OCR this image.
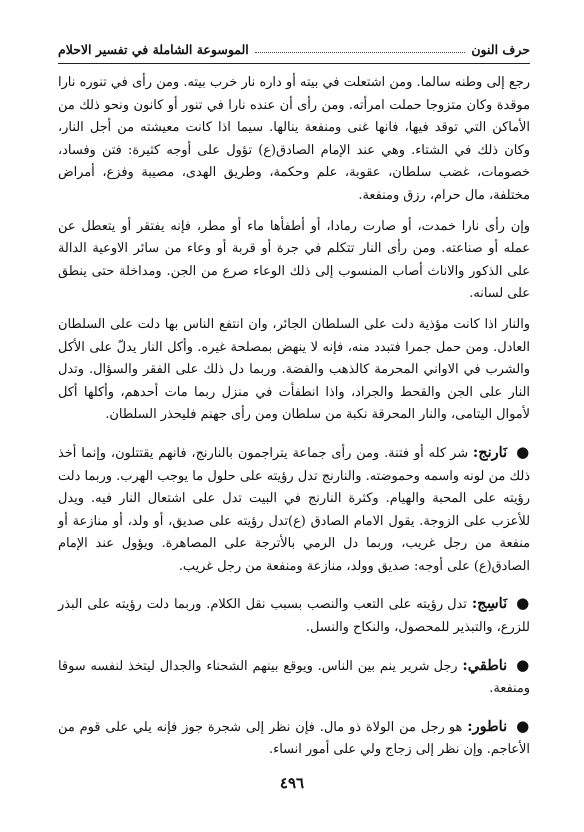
حرف النون
الموسوعة الشاملة في تفسير الاحلام

رجع إلى وطنه سالما. ومن اشتعلت في بيته أو داره نار خرب بيته. ومن رأى في تنوره نارا موقدة وكان متزوجا حملت امرأته. ومن رأى أن عنده نارا في تنور أو كانون ونحو ذلك من الأماكن التي توقد فيها، فانها غنى ومنفعة ينالها. سيما اذا كانت معيشته من أجل النار، وكان ذلك في الشتاء. وهي عند الإمام الصادق(ع) تؤول على أوجه كثيرة: فتن وفساد، خصومات، غضب سلطان، عقوبة، علم وحكمة، وطريق الهدى، مصيبة وفزع، أمراض مختلفة، مال حرام، رزق ومنفعة.

وإن رأى نارا خمدت، أو صارت رمادا، أو أطفأها ماء أو مطر، فإنه يفتقر أو يتعطل عن عمله أو صناعته. ومن رأى النار تتكلم في جرة أو قربة أو وعاء من سائر الاوعية الدالة على الذكور والاناث أصاب المنسوب إلى ذلك الوعاء صرع من الجن. ومداخلة حتى ينطق على لسانه.

والنار اذا كانت مؤذية دلت على السلطان الجائر، وان انتفع الناس بها دلت على السلطان العادل. ومن حمل جمرا فتبدد منه، فإنه لا ينهض بمصلحة غيره. وأكل النار يدلّ على الأكل والشرب في الاواني المحرمة كالذهب والفضة. وربما دل ذلك على الفقر والسؤال. وتدل النار على الجن والقحط والجراد، واذا انطفأت في منزل ربما مات أحدهم، وأكلها أكل لأموال اليتامى، والنار المحرقة نكبة من سلطان ومن رأى جهنم فليحذر السلطان.

● نَارنج: شر كله أو فتنة. ومن رأى جماعة يتراجمون بالنارنج، فانهم يقتتلون، وإنما أخذ ذلك من لونه واسمه وحموضته. والنارنج تدل رؤيته على حلول ما يوجب الهرب. وربما دلت رؤيته على المحبة والهيام. وكثرة النارنج في البيت تدل على اشتعال النار فيه. ويدل للأعزب على الزوجة. يقول الامام الصادق (ع)تدل رؤيته على صديق، أو ولد، أو منازعة أو منفعة من رجل غريب، وربما دل الرمي بالأترجة على المصاهرة. ويؤول عند الإمام الصادق(ع) على أوجه: صديق وولد، منازعة ومنفعة من رجل غريب.

● نَاسِج: تدل رؤيته على التعب والنصب بسبب نقل الكلام. وربما دلت رؤيته على البذر للزرع، والتبذير للمحصول، والنكاح والنسل.

● ناطقي: رجل شرير ينم بين الناس. ويوقع بينهم الشحناء والجدال ليتخذ لنفسه سوقا ومنفعة.

● ناطور: هو رجل من الولاة ذو مال. فإن نظر إلى شجرة جوز فإنه يلي على قوم من الأعاجم. وإن نظر إلى زجاج ولي على أمور انساء.

٤٩٦
